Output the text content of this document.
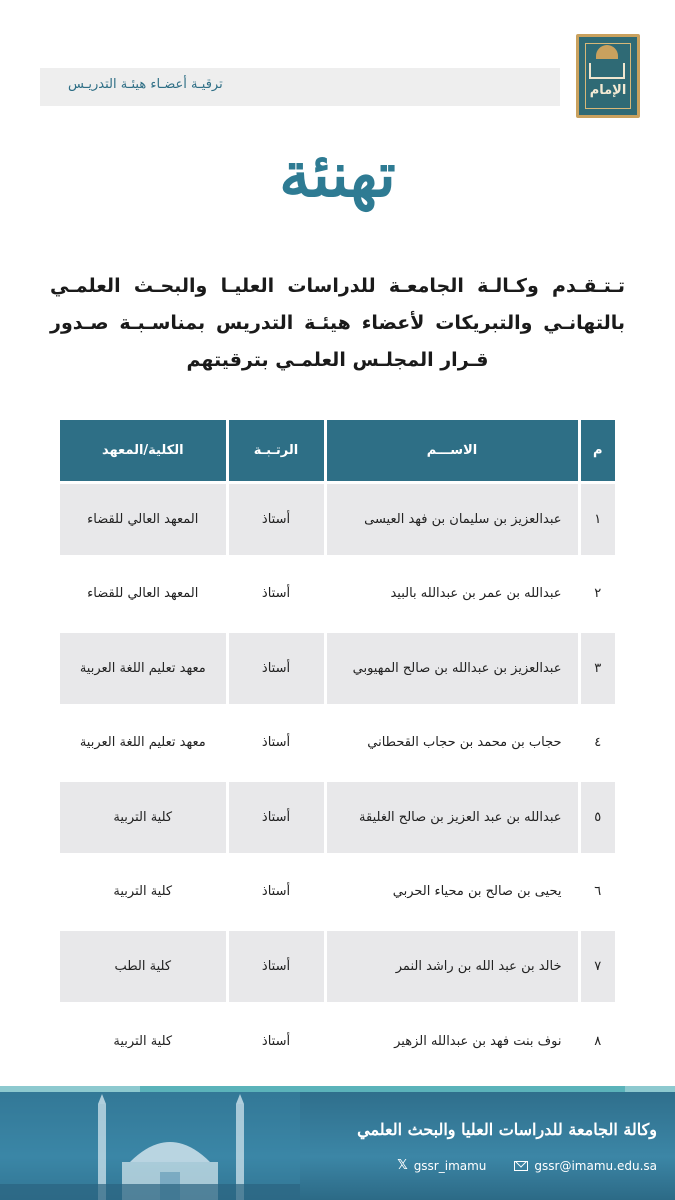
ترقيـة أعضـاء هيئـة التدريـس	الإمام
تهنئة
تـتـقـدم وكـالـة الجامعـة للدراسات العليـا والبحـث العلمـي
بالتهانـي والتبريكات لأعضاء هيئـة التدريس بمناسـبـة صـدور
قـرار المجلـس العلمـي بترقيتهم
م	الاســـم	الرتـبـة	الكلية/المعهد
١	عبدالعزيز بن سليمان بن فهد العيسى	أستاذ	المعهد العالي للقضاء
٢	عبدالله بن عمر بن عبدالله بالبيد	أستاذ	المعهد العالي للقضاء
٣	عبدالعزيز بن عبدالله بن صالح المهيوبي	أستاذ	معهد تعليم اللغة العربية
٤	حجاب بن محمد بن حجاب القحطاني	أستاذ	معهد تعليم اللغة العربية
٥	عبدالله بن عبد العزيز بن صالح الغليقة	أستاذ	كلية التربية
٦	يحيى بن صالح بن محياء الحربي	أستاذ	كلية التربية
٧	خالد بن عبد الله بن راشد النمر	أستاذ	كلية الطب
٨	نوف بنت فهد بن عبدالله الزهير	أستاذ	كلية التربية
وكالة الجامعة للدراسات العليا والبحث العلمي
𝕏 gssr_imamu	gssr@imamu.edu.sa
